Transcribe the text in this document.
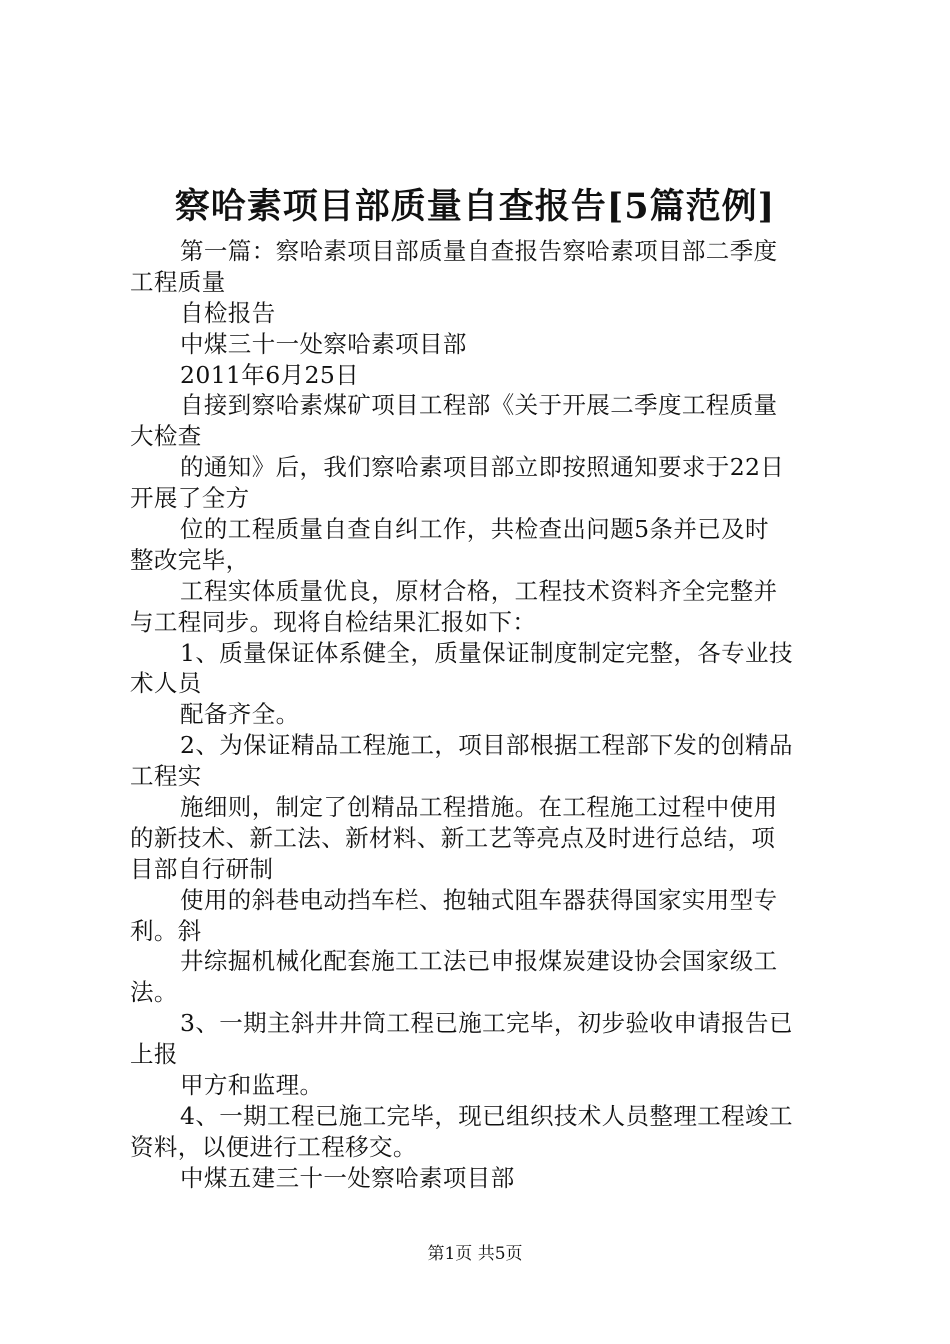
察哈素项目部质量自查报告[5篇范例]
第一篇：察哈素项目部质量自查报告察哈素项目部二季度
工程质量
自检报告
中煤三十一处察哈素项目部
2011年6月25日
自接到察哈素煤矿项目工程部《关于开展二季度工程质量
大检查
的通知》后，我们察哈素项目部立即按照通知要求于22日
开展了全方
位的工程质量自查自纠工作，共检查出问题5条并已及时
整改完毕，
工程实体质量优良，原材合格，工程技术资料齐全完整并
与工程同步。现将自检结果汇报如下：
1、质量保证体系健全，质量保证制度制定完整，各专业技
术人员
配备齐全。
2、为保证精品工程施工，项目部根据工程部下发的创精品
工程实
施细则，制定了创精品工程措施。在工程施工过程中使用
的新技术、新工法、新材料、新工艺等亮点及时进行总结，项
目部自行研制
使用的斜巷电动挡车栏、抱轴式阻车器获得国家实用型专
利。斜
井综掘机械化配套施工工法已申报煤炭建设协会国家级工
法。
3、一期主斜井井筒工程已施工完毕，初步验收申请报告已
上报
甲方和监理。
4、一期工程已施工完毕，现已组织技术人员整理工程竣工
资料，以便进行工程移交。
中煤五建三十一处察哈素项目部
第1页 共5页
